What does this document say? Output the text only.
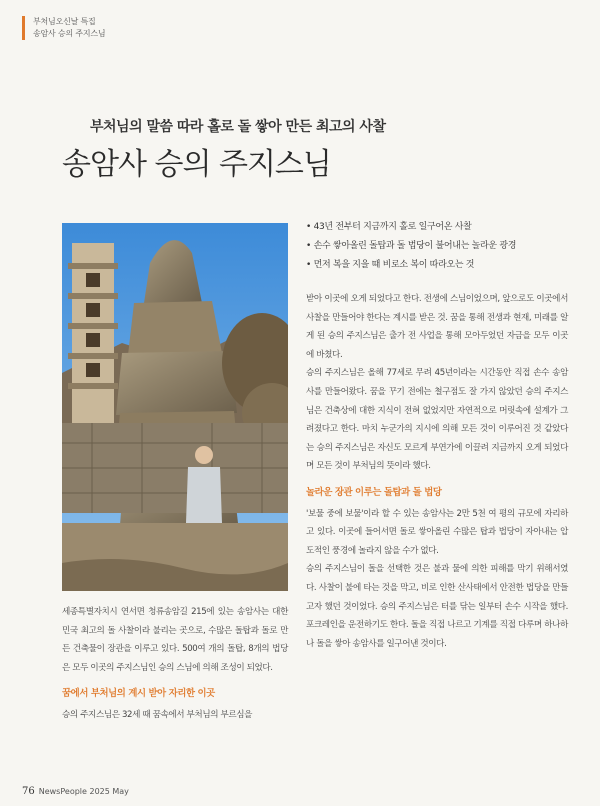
부처님오신날 특집
송암사 승의 주지스님
부처님의 말씀 따라 홀로 돌 쌓아 만든 최고의 사찰
송암사 승의 주지스님
• 43년 전부터 지금까지 홀로 일구어온 사찰
• 손수 쌓아올린 돌탑과 돌 법당이 불어내는 놀라운 광경
• 먼저 복을 지을 때 비로소 복이 따라오는 것

세종특별자치시 연서면 청류송암길 215에 있는 송암사는 대한민국 최고의 돌 사찰이라 불리는 곳으로, 수많은 돌탑과 돌로 만든 건축물이 장관을 이루고 있다. 500여 개의 돌탑, 8개의 법당은 모두 이곳의 주지스님인 승의 스님에 의해 조성이 되었다.

꿈에서 부처님의 계시 받아 자리한 이곳

승의 주지스님은 32세 때 꿈속에서 부처님의 부르심을

받아 이곳에 오게 되었다고 한다. 전생에 스님이었으며, 앞으로도 이곳에서 사찰을 만들어야 한다는 계시를 받은 것. 꿈을 통해 전생과 현재, 미래를 알게 된 승의 주지스님은 출가 전 사업을 통해 모아두었던 자금을 모두 이곳에 바쳤다.

승의 주지스님은 올해 77세로 무려 45년이라는 시간동안 직접 손수 송암사를 만들어왔다. 꿈을 꾸기 전에는 철구점도 잘 가지 않았던 승의 주지스님은 건축상에 대한 지식이 전혀 없었지만 자연적으로 머릿속에 설계가 그려졌다고 한다. 마치 누군가의 지시에 의해 모든 것이 이루어진 것 같았다는 승의 주지스님은 자신도 모르게 부연가에 이끌려 지금까지 오게 되었다며 모든 것이 부처님의 뜻이라 했다.

놀라운 장관 이루는 돌탑과 돌 법당

'보물 중에 보물'이라 할 수 있는 송암사는 2만 5천 여 평의 규모에 자리하고 있다. 이곳에 들어서면 돌로 쌓아올린 수많은 탑과 법당이 자아내는 압도적인 풍경에 놀라지 않을 수가 없다.

승의 주지스님이 돌을 선택한 것은 불과 물에 의한 피해를 막기 위해서였다. 사찰이 불에 타는 것을 막고, 비로 인한 산사태에서 안전한 법당을 만들고자 했던 것이었다. 승의 주지스님은 터를 닦는 일부터 손수 시작을 했다. 포크레인을 운전하기도 한다. 돌을 직접 나르고 기계를 직접 다루며 하나하나 돌을 쌓아 송암사를 일구어낸 것이다.

76 NewsPeople 2025 May
